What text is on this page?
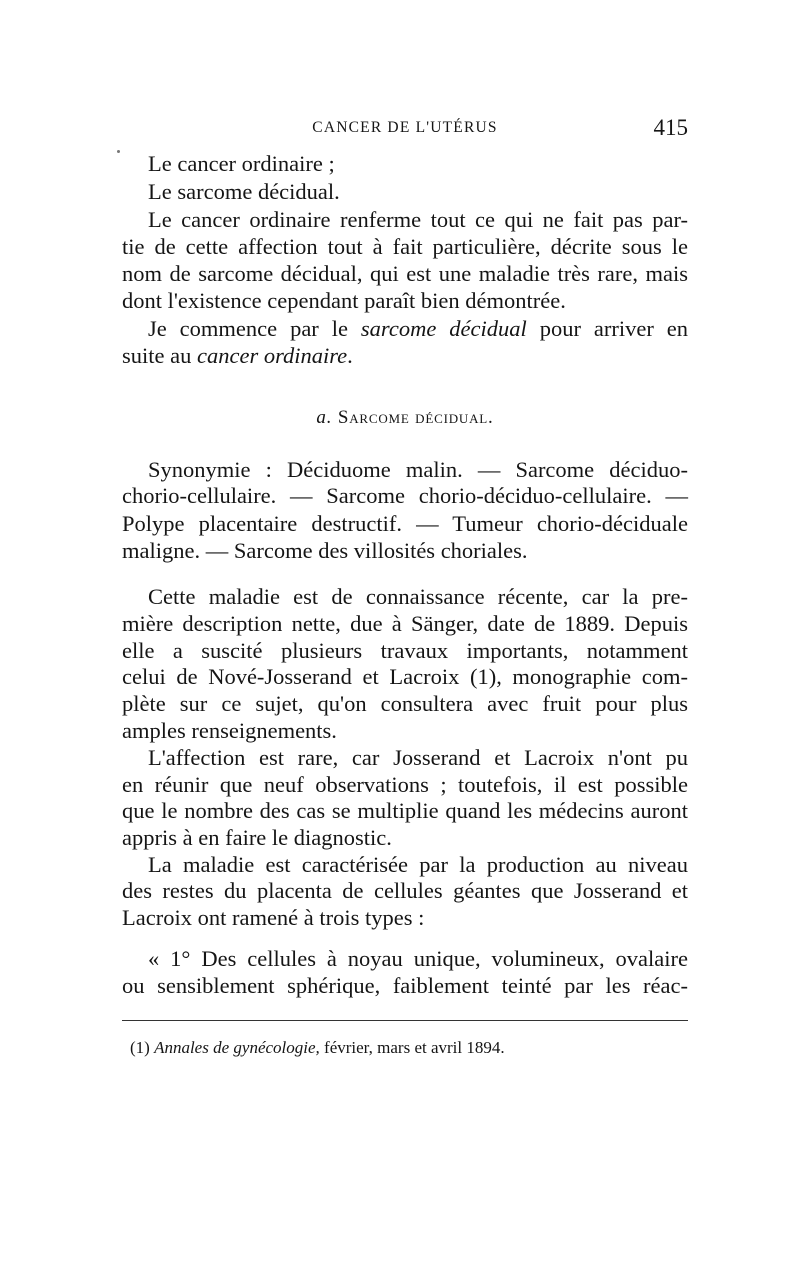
CANCER DE L'UTÉRUS	415
Le cancer ordinaire ;
Le sarcome décidual.
Le cancer ordinaire renferme tout ce qui ne fait pas par-
tie de cette affection tout à fait particulière, décrite sous le
nom de sarcome décidual, qui est une maladie très rare, mais
dont l'existence cependant paraît bien démontrée.
Je commence par le sarcome décidual pour arriver en
suite au cancer ordinaire.
a. Sarcome décidual.
Synonymie : Déciduome malin. — Sarcome déciduo-
chorio-cellulaire. — Sarcome chorio-déciduo-cellulaire. —
Polype placentaire destructif. — Tumeur chorio-déciduale
maligne. — Sarcome des villosités choriales.
Cette maladie est de connaissance récente, car la pre-
mière description nette, due à Sänger, date de 1889. Depuis
elle a suscité plusieurs travaux importants, notamment
celui de Nové-Josserand et Lacroix (1), monographie com-
plète sur ce sujet, qu'on consultera avec fruit pour plus
amples renseignements.
L'affection est rare, car Josserand et Lacroix n'ont pu
en réunir que neuf observations ; toutefois, il est possible
que le nombre des cas se multiplie quand les médecins auront
appris à en faire le diagnostic.
La maladie est caractérisée par la production au niveau
des restes du placenta de cellules géantes que Josserand et
Lacroix ont ramené à trois types :
« 1° Des cellules à noyau unique, volumineux, ovalaire
ou sensiblement sphérique, faiblement teinté par les réac-
(1) Annales de gynécologie, février, mars et avril 1894.
